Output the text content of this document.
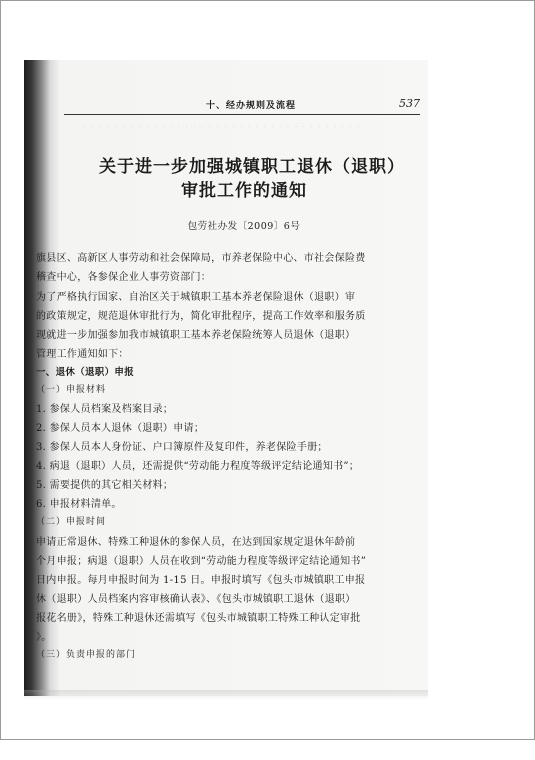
十、经办规则及流程	537
· · · · · · · · · · · · · · · · · · · · · · · · · · · · · · · · · · · ·
关于进一步加强城镇职工退休（退职）
审批工作的通知
包劳社办发〔2009〕6号
旗县区、高新区人事劳动和社会保障局，市养老保险中心、市社会保险费
稽查中心，各参保企业人事劳资部门：
为了严格执行国家、自治区关于城镇职工基本养老保险退休（退职）审
的政策规定，规范退休审批行为，简化审批程序，提高工作效率和服务质
现就进一步加强参加我市城镇职工基本养老保险统筹人员退休（退职）
管理工作通知如下：
一、退休（退职）申报
（一）申报材料
1. 参保人员档案及档案目录；
2. 参保人员本人退休（退职）申请；
3. 参保人员本人身份证、户口簿原件及复印件，养老保险手册；
4. 病退（退职）人员，还需提供“劳动能力程度等级评定结论通知书”；
5. 需要提供的其它相关材料；
6. 申报材料清单。
（二）申报时间
申请正常退休、特殊工种退休的参保人员，在达到国家规定退休年龄前
个月申报；病退（退职）人员在收到“劳动能力程度等级评定结论通知书”
日内申报。每月申报时间为 1-15 日。申报时填写《包头市城镇职工申报
休（退职）人员档案内容审核确认表》、《包头市城镇职工退休（退职）
报花名册》，特殊工种退休还需填写《包头市城镇职工特殊工种认定审批
》。
（三）负责申报的部门
